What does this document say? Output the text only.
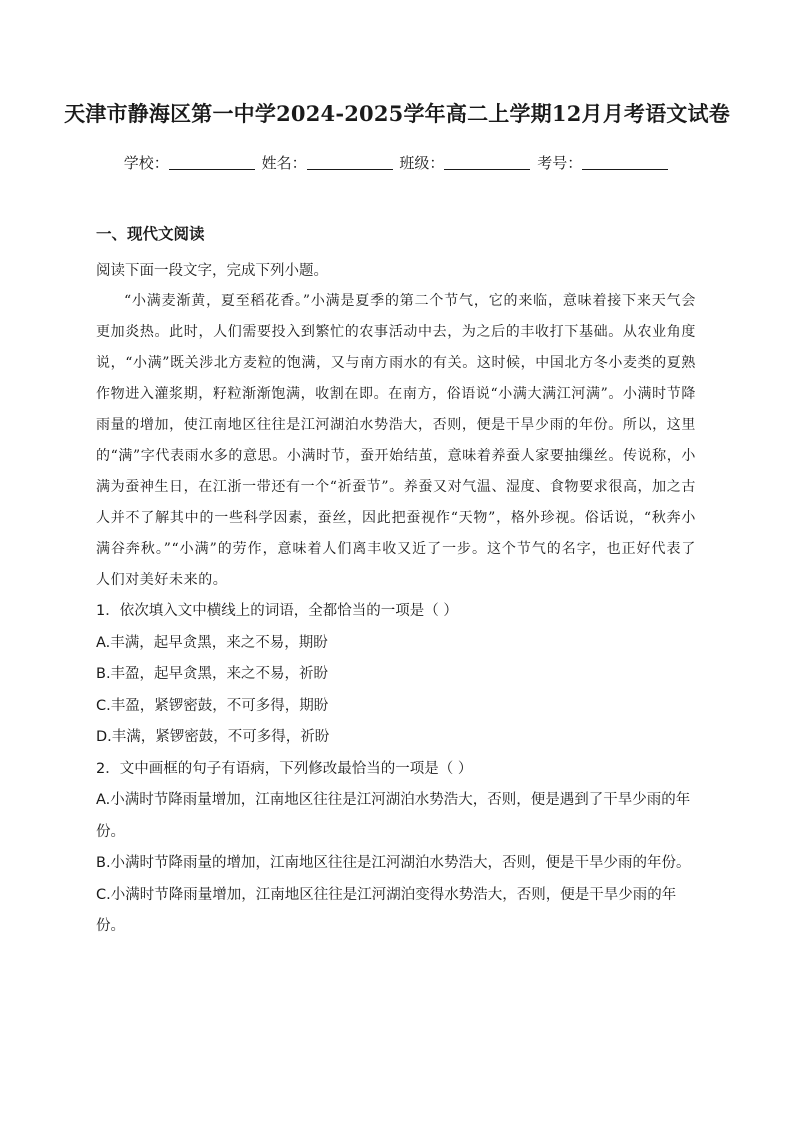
天津市静海区第一中学2024-2025学年高二上学期12月月考语文试卷
学校：	姓名：	班级：	考号：
一、现代文阅读

阅读下面一段文字，完成下列小题。

“小满麦渐黄，夏至稻花香。”小满是夏季的第二个节气，它的来临，意味着接下来天气会更加炎热。此时，人们需要投入到繁忙的农事活动中去，为之后的丰收打下基础。从农业角度说，“小满”既关涉北方麦粒的饱满，又与南方雨水的有关。这时候，中国北方冬小麦类的夏熟作物进入灌浆期，籽粒渐渐饱满，收割在即。在南方，俗语说“小满大满江河满”。小满时节降雨量的增加，使江南地区往往是江河湖泊水势浩大，否则，便是干旱少雨的年份。所以，这里的“满”字代表雨水多的意思。小满时节，蚕开始结茧，意味着养蚕人家要抽缫丝。传说称，小满为蚕神生日，在江浙一带还有一个“祈蚕节”。养蚕又对气温、湿度、食物要求很高，加之古人并不了解其中的一些科学因素，蚕丝，因此把蚕视作“天物”，格外珍视。俗话说，“秋奔小满谷奔秋。”“小满”的劳作，意味着人们离丰收又近了一步。这个节气的名字，也正好代表了人们对美好未来的。

1．依次填入文中横线上的词语，全都恰当的一项是（ ）

A.丰满，起早贪黑，来之不易，期盼

B.丰盈，起早贪黑，来之不易，祈盼

C.丰盈，紧锣密鼓，不可多得，期盼

D.丰满，紧锣密鼓，不可多得，祈盼

2．文中画框的句子有语病，下列修改最恰当的一项是（ ）

A.小满时节降雨量增加，江南地区往往是江河湖泊水势浩大，否则，便是遇到了干旱少雨的年份。

B.小满时节降雨量的增加，江南地区往往是江河湖泊水势浩大，否则，便是干旱少雨的年份。

C.小满时节降雨量增加，江南地区往往是江河湖泊变得水势浩大，否则，便是干旱少雨的年份。
